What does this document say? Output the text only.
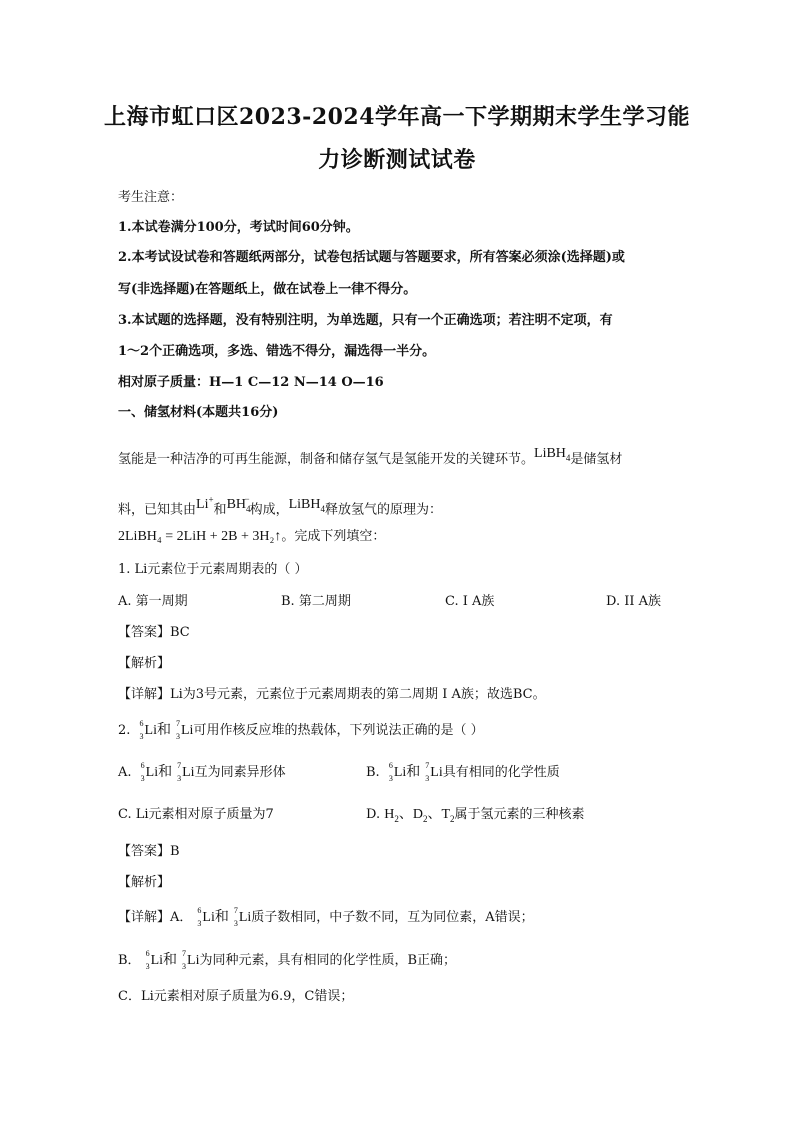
上海市虹口区2023-2024学年高一下学期期末学生学习能
力诊断测试试卷
考生注意：
1.本试卷满分100分，考试时间60分钟。
2.本考试设试卷和答题纸两部分，试卷包括试题与答题要求，所有答案必须涂(选择题)或
写(非选择题)在答题纸上，做在试卷上一律不得分。
3.本试题的选择题，没有特别注明，为单选题，只有一个正确选项；若注明不定项，有
1～2个正确选项，多选、错选不得分，漏选得一半分。
相对原子质量：H—1 C—12 N—14 O—16
一、储氢材料(本题共16分)
氢能是一种洁净的可再生能源，制备和储存氢气是氢能开发的关键环节。LiBH$_4$是储氢材
料，已知其由Li+和$BH_4^-$构成，LiBH$_4$释放氢气的原理为：
2LiBH₄ = 2LiH + 2B + 3H₂↑。完成下列填空：
1. Li元素位于元素周期表的（ ）
A. 第一周期	B. 第二周期	C. I A族	D. II A族
【答案】BC
【解析】
【详解】Li为3号元素，元素位于元素周期表的第二周期 I A族；故选BC。
2. 6
3 Li和 7
3 Li可用作核反应堆的热载体，下列说法正确的是（ ）
A. 6
3 Li和 7
3 Li互为同素异形体	B. 6
3 Li和 7
3 Li具有相同的化学性质
C. Li元素相对原子质量为7	D. $H_2$、$D_2$、$T_2$属于氢元素的三种核素
【答案】B
【解析】
【详解】A． 6
3 Li和 7
3 Li质子数相同，中子数不同，互为同位素，A错误；
B． 6
3 Li和 7
3 Li为同种元素，具有相同的化学性质，B正确；
C．Li元素相对原子质量为6.9，C错误；
